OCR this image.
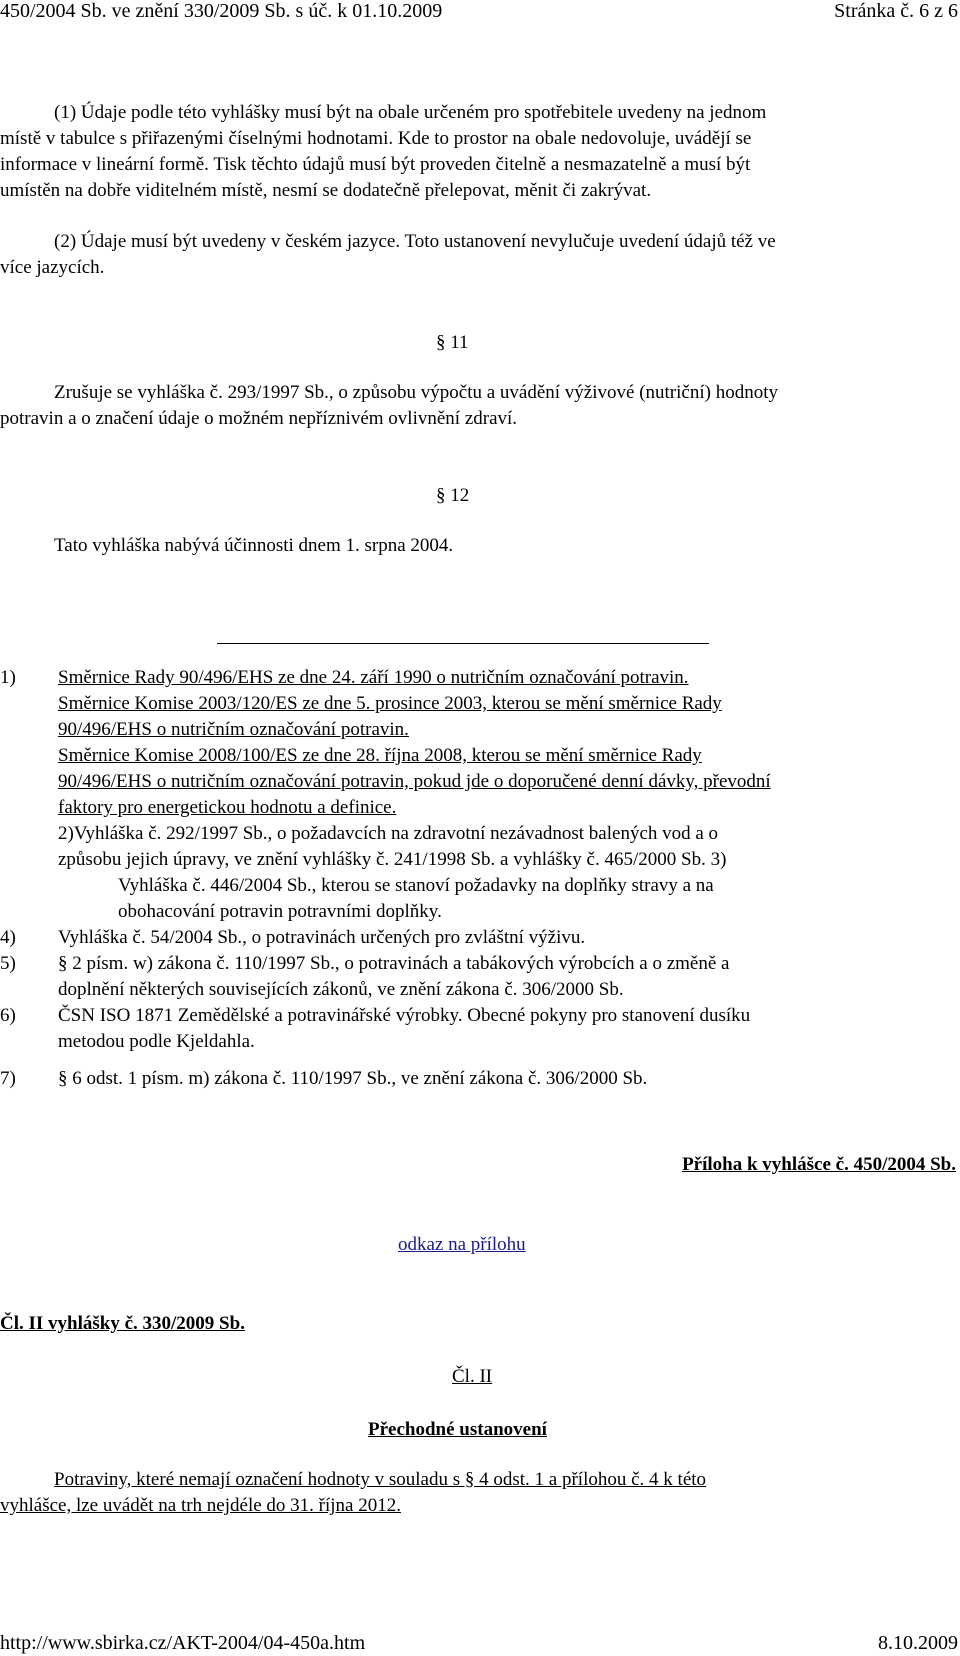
450/2004 Sb. ve znění 330/2009 Sb. s úč. k 01.10.2009	Stránka č. 6 z 6
(1) Údaje podle této vyhlášky musí být na obale určeném pro spotřebitele uvedeny na jednom
místě v tabulce s přiřazenými číselnými hodnotami. Kde to prostor na obale nedovoluje, uvádějí se
informace v lineární formě. Tisk těchto údajů musí být proveden čitelně a nesmazatelně a musí být
umístěn na dobře viditelném místě, nesmí se dodatečně přelepovat, měnit či zakrývat.
(2) Údaje musí být uvedeny v českém jazyce. Toto ustanovení nevylučuje uvedení údajů též ve
více jazycích.
§ 11
Zrušuje se vyhláška č. 293/1997 Sb., o způsobu výpočtu a uvádění výživové (nutriční) hodnoty
potravin a o značení údaje o možném nepříznivém ovlivnění zdraví.
§ 12
Tato vyhláška nabývá účinnosti dnem 1. srpna 2004.
1) Směrnice Rady 90/496/EHS ze dne 24. září 1990 o nutričním označování potravin.
Směrnice Komise 2003/120/ES ze dne 5. prosince 2003, kterou se mění směrnice Rady
90/496/EHS o nutričním označování potravin.
Směrnice Komise 2008/100/ES ze dne 28. října 2008, kterou se mění směrnice Rady
90/496/EHS o nutričním označování potravin, pokud jde o doporučené denní dávky, převodní
faktory pro energetickou hodnotu a definice.
2)Vyhláška č. 292/1997 Sb., o požadavcích na zdravotní nezávadnost balených vod a o
způsobu jejich úpravy, ve znění vyhlášky č. 241/1998 Sb. a vyhlášky č. 465/2000 Sb. 3)
Vyhláška č. 446/2004 Sb., kterou se stanoví požadavky na doplňky stravy a na
obohacování potravin potravními doplňky.
4) Vyhláška č. 54/2004 Sb., o potravinách určených pro zvláštní výživu.
5) § 2 písm. w) zákona č. 110/1997 Sb., o potravinách a tabákových výrobcích a o změně a
doplnění některých souvisejících zákonů, ve znění zákona č. 306/2000 Sb.
6) ČSN ISO 1871 Zemědělské a potravinářské výrobky. Obecné pokyny pro stanovení dusíku
metodou podle Kjeldahla.
7) § 6 odst. 1 písm. m) zákona č. 110/1997 Sb., ve znění zákona č. 306/2000 Sb.
Příloha k vyhlášce č. 450/2004 Sb.
odkaz na přílohu
Čl. II vyhlášky č. 330/2009 Sb.
Čl. II
Přechodné ustanovení
Potraviny, které nemají označení hodnoty v souladu s § 4 odst. 1 a přílohou č. 4 k této
vyhlášce, lze uvádět na trh nejdéle do 31. října 2012.
http://www.sbirka.cz/AKT-2004/04-450a.htm	8.10.2009
